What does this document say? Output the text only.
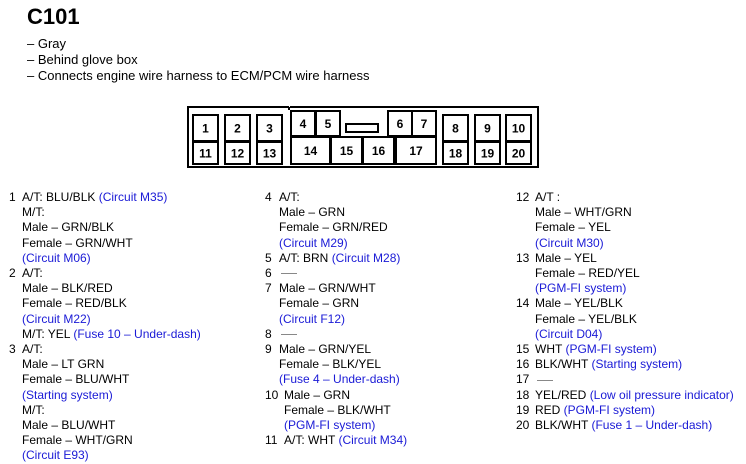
C101
– Gray
– Behind glove box
– Connects engine wire harness to ECM/PCM wire harness
1 2 3 4 5	6 7 8 9 10
11 12 13 14 15 16 17 18 19 20
1 A/T: BLU/BLK (Circuit M35)
M/T:
Male – GRN/BLK
Female – GRN/WHT
(Circuit M06)
2 A/T:
Male – BLK/RED
Female – RED/BLK
(Circuit M22)
M/T: YEL (Fuse 10 – Under-dash)
3 A/T:
Male – LT GRN
Female – BLU/WHT
(Starting system)
M/T:
Male – BLU/WHT
Female – WHT/GRN
(Circuit E93)
4 A/T:
Male – GRN
Female – GRN/RED
(Circuit M29)
5 A/T: BRN (Circuit M28)
6
7 Male – GRN/WHT
Female – GRN
(Circuit F12)
8
9 Male – GRN/YEL
Female – BLK/YEL
(Fuse 4 – Under-dash)
10 Male – GRN
Female – BLK/WHT
(PGM-FI system)
11 A/T: WHT (Circuit M34)
12 A/T :
Male – WHT/GRN
Female – YEL
(Circuit M30)
13 Male – YEL
Female – RED/YEL
(PGM-FI system)
14 Male – YEL/BLK
Female – YEL/BLK
(Circuit D04)
15 WHT (PGM-FI system)
16 BLK/WHT (Starting system)
17
18 YEL/RED (Low oil pressure indicator)
19 RED (PGM-FI system)
20 BLK/WHT (Fuse 1 – Under-dash)
